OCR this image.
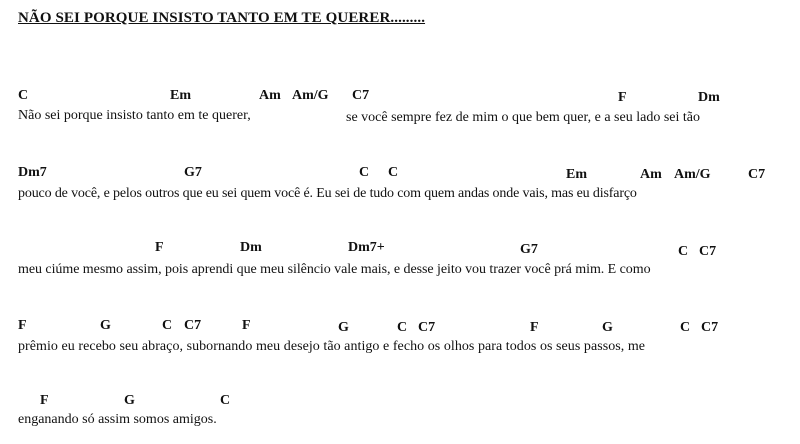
NÃO SEI PORQUE INSISTO TANTO EM TE QUERER.........
C	Em	Am Am/G C7	F	Dm
Não sei porque insisto tanto em te querer,	se você sempre fez de mim o que bem quer, e a seu lado sei tão
Dm7	G7	C C	Em	Am Am/G	C7
pouco de você, e pelos outros que eu sei quem você é. Eu sei de tudo com quem andas onde vais, mas eu disfarço
F	Dm	Dm7+	G7	C C7
meu ciúme mesmo assim, pois aprendi que meu silêncio vale mais, e desse jeito vou trazer você prá mim. E como
F	G	C C7	F	G	C C7	F	G	C C7
prêmio eu recebo seu abraço, subornando meu desejo tão antigo e fecho os olhos para todos os seus passos, me
F	G	C
enganando só assim somos amigos.
